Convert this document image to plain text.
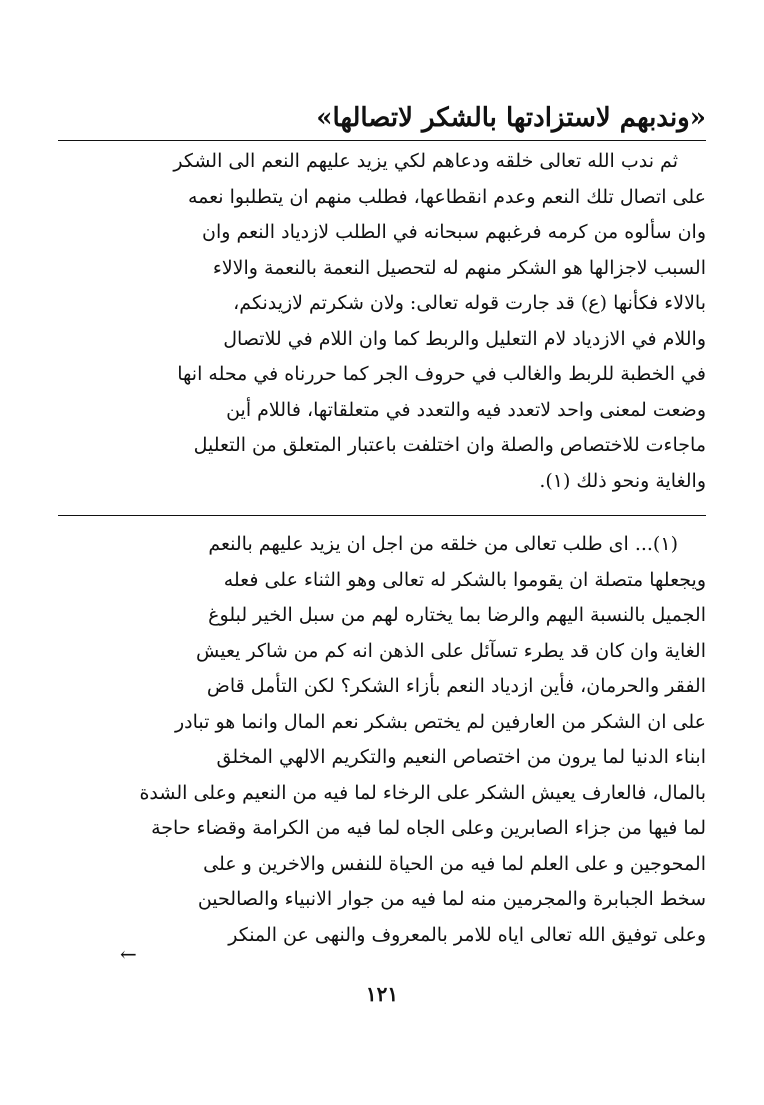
«وندبهم لاستزادتها بالشكر لاتصالها»
ثم ندب الله تعالى خلقه ودعاهم لكي يزيد عليهم النعم الى الشكر
على اتصال تلك النعم وعدم انقطاعها، فطلب منهم ان يتطلبوا نعمه
وان سألوه من كرمه فرغبهم سبحانه في الطلب لازدياد النعم وان
السبب لاجزالها هو الشكر منهم له لتحصيل النعمة بالنعمة والالاء
بالالاء فكأنها (ع) قد جارت قوله تعالى: ولان شكرتم لازيدنكم،
واللام في الازدياد لام التعليل والربط كما وان اللام في للاتصال
في الخطبة للربط والغالب في حروف الجر كما حررناه في محله انها
وضعت لمعنى واحد لاتعدد فيه والتعدد في متعلقاتها، فاللام أين
ماجاءت للاختصاص والصلة وان اختلفت باعتبار المتعلق من التعليل
والغاية ونحو ذلك (١).
(١)... اى طلب تعالى من خلقه من اجل ان يزيد عليهم بالنعم
ويجعلها متصلة ان يقوموا بالشكر له تعالى وهو الثناء على فعله
الجميل بالنسبة اليهم والرضا بما يختاره لهم من سبل الخير لبلوغ
الغاية وان كان قد يطرء تسآئل على الذهن انه كم من شاكر يعيش
الفقر والحرمان، فأين ازدياد النعم بأزاء الشكر؟ لكن التأمل قاض
على ان الشكر من العارفين لم يختص بشكر نعم المال وانما هو تبادر
ابناء الدنيا لما يرون من اختصاص النعيم والتكريم الالهي المخلق
بالمال، فالعارف يعيش الشكر على الرخاء لما فيه من النعيم وعلى الشدة
لما فيها من جزاء الصابرين وعلى الجاه لما فيه من الكرامة وقضاء حاجة
المحوجين و على العلم لما فيه من الحياة للنفس والاخرين و على
سخط الجبابرة والمجرمين منه لما فيه من جوار الانبياء والصالحين
وعلى توفيق الله تعالى اياه للامر بالمعروف والنهى عن المنكر
←
١٢١
